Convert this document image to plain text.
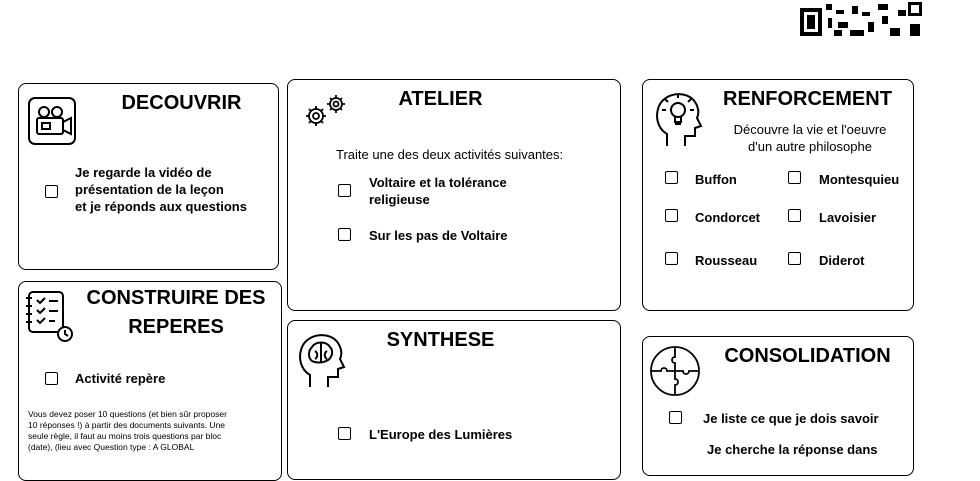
DECOUVRIR
Je regarde la vidéo de
présentation de la leçon
et je réponds aux questions
CONSTRUIRE DES
REPERES
Activité repère
Vous devez poser 10 questions (et bien sûr proposer
10 réponses !) à partir des documents suivants. Une
seule règle, il faut au moins trois questions par bloc
(date), (lieu avec Question type : A GLOBAL
ATELIER
Traite une des deux activités suivantes:
Voltaire et la tolérance
religieuse
Sur les pas de Voltaire
SYNTHESE
L'Europe des Lumières
RENFORCEMENT
Découvre la vie et l'oeuvre
d'un autre philosophe
Buffon	Montesquieu
Condorcet	Lavoisier
Rousseau	Diderot
CONSOLIDATION
Je liste ce que je dois savoir
Je cherche la réponse dans
